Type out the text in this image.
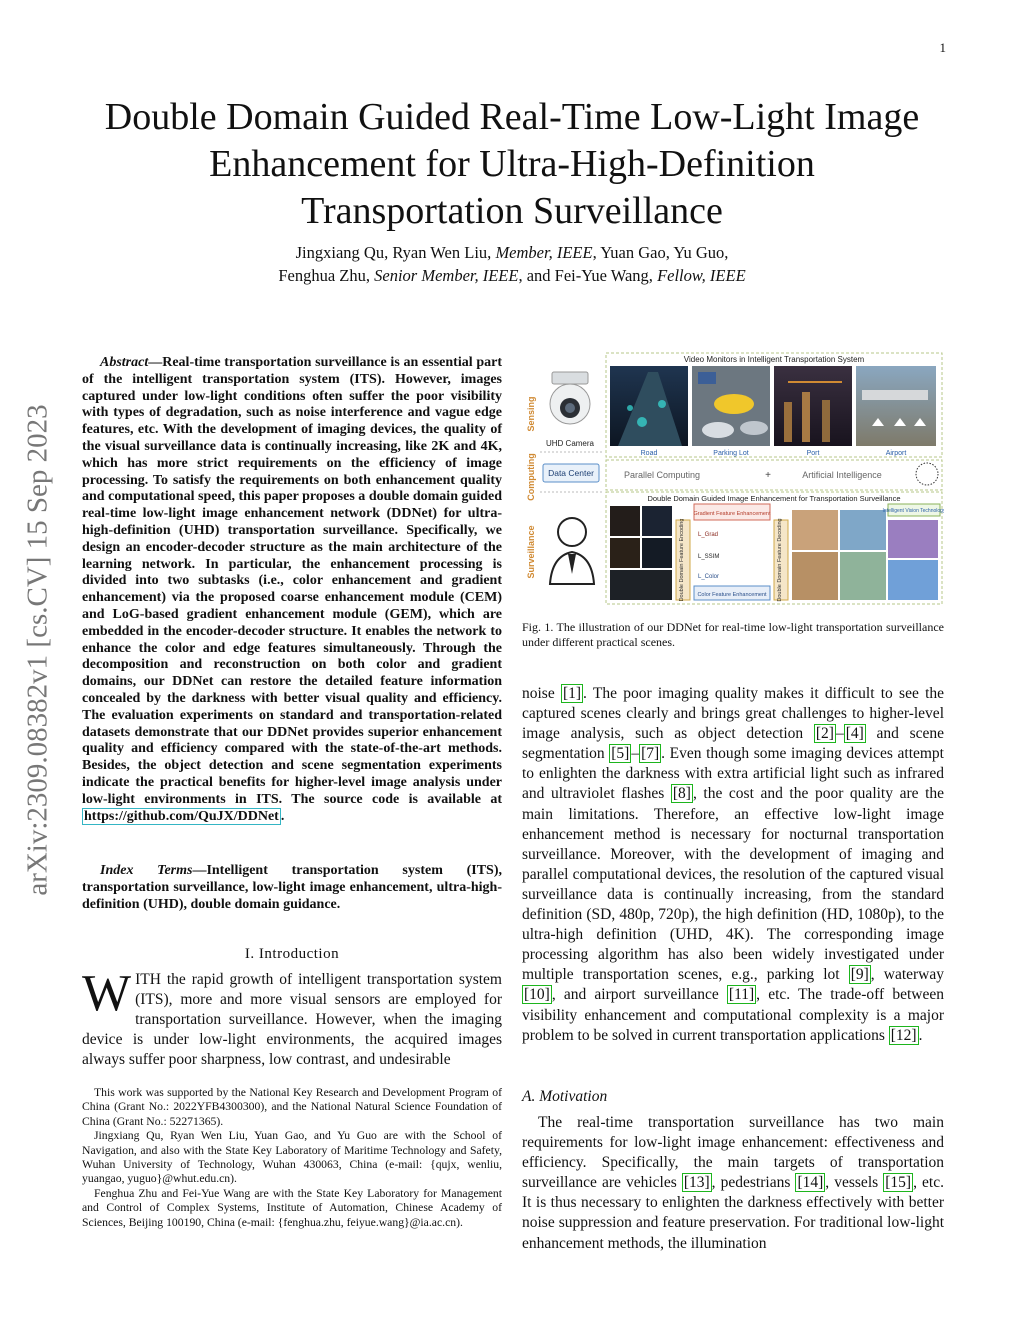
1
Double Domain Guided Real-Time Low-Light Image Enhancement for Ultra-High-Definition Transportation Surveillance
Jingxiang Qu, Ryan Wen Liu, Member, IEEE, Yuan Gao, Yu Guo,
Fenghua Zhu, Senior Member, IEEE, and Fei-Yue Wang, Fellow, IEEE
arXiv:2309.08382v1 [cs.CV] 15 Sep 2023
Abstract—Real-time transportation surveillance is an essential part of the intelligent transportation system (ITS). However, images captured under low-light conditions often suffer the poor visibility with types of degradation, such as noise interference and vague edge features, etc. With the development of imaging devices, the quality of the visual surveillance data is continually increasing, like 2K and 4K, which has more strict requirements on the efficiency of image processing. To satisfy the requirements on both enhancement quality and computational speed, this paper proposes a double domain guided real-time low-light image enhancement network (DDNet) for ultra-high-definition (UHD) transportation surveillance. Specifically, we design an encoder-decoder structure as the main architecture of the learning network. In particular, the enhancement processing is divided into two subtasks (i.e., color enhancement and gradient enhancement) via the proposed coarse enhancement module (CEM) and LoG-based gradient enhancement module (GEM), which are embedded in the encoder-decoder structure. It enables the network to enhance the color and edge features simultaneously. Through the decomposition and reconstruction on both color and gradient domains, our DDNet can restore the detailed feature information concealed by the darkness with better visual quality and efficiency. The evaluation experiments on standard and transportation-related datasets demonstrate that our DDNet provides superior enhancement quality and efficiency compared with the state-of-the-art methods. Besides, the object detection and scene segmentation experiments indicate the practical benefits for higher-level image analysis under low-light environments in ITS. The source code is available at https://github.com/QuJX/DDNet .
Index Terms—Intelligent transportation system (ITS), transportation surveillance, low-light image enhancement, ultra-high-definition (UHD), double domain guidance.
I. Introduction
WITH the rapid growth of intelligent transportation system (ITS), more and more visual sensors are employed for transportation surveillance. However, when the imaging device is under low-light environments, the acquired images always suffer poor sharpness, low contrast, and undesirable
This work was supported by the National Key Research and Development Program of China (Grant No.: 2022YFB4300300), and the National Natural Science Foundation of China (Grant No.: 52271365).
Jingxiang Qu, Ryan Wen Liu, Yuan Gao, and Yu Guo are with the School of Navigation, and also with the State Key Laboratory of Maritime Technology and Safety, Wuhan University of Technology, Wuhan 430063, China (e-mail: {qujx, wenliu, yuangao, yuguo}@whut.edu.cn).
Fenghua Zhu and Fei-Yue Wang are with the State Key Laboratory for Management and Control of Complex Systems, Institute of Automation, Chinese Academy of Sciences, Beijing 100190, China (e-mail: {fenghua.zhu, feiyue.wang}@ia.ac.cn).
Sensing
Computing
Surveillance
UHD Camera
Data Center
Video Monitors in Intelligent Transportation System
Road	Parking Lot	Port	Airport
Parallel Computing	+	Artificial Intelligence
Double Domain Guided Image Enhancement for Transportation Surveillance
Double Domain Feature Encoding
Gradient Feature Enhancement
L_Grad
L_SSIM
L_Color
Color Feature Enhancement Double Domain Feature Decoding
Intelligent Vision Technology
Fig. 1. The illustration of our DDNet for real-time low-light transportation surveillance under different practical scenes.
noise [1] . The poor imaging quality makes it difficult to see the captured scenes clearly and brings great challenges to higher-level image analysis, such as object detection [2] – [4] and scene segmentation [5] – [7] . Even though some imaging devices attempt to enlighten the darkness with extra artificial light such as infrared and ultraviolet flashes [8] , the cost and the poor quality are the main limitations. Therefore, an effective low-light image enhancement method is necessary for nocturnal transportation surveillance. Moreover, with the development of imaging and parallel computational devices, the resolution of the captured visual surveillance data is continually increasing, from the standard definition (SD, 480p, 720p), the high definition (HD, 1080p), to the ultra-high definition (UHD, 4K). The corresponding image processing algorithm has also been widely investigated under multiple transportation scenes, e.g., parking lot [9] , waterway [10] , and airport surveillance [11] , etc. The trade-off between visibility enhancement and computational complexity is a major problem to be solved in current transportation applications [12] .
A. Motivation
The real-time transportation surveillance has two main requirements for low-light image enhancement: effectiveness and efficiency. Specifically, the main targets of transportation surveillance are vehicles [13] , pedestrians [14] , vessels [15] , etc. It is thus necessary to enlighten the darkness effectively with better noise suppression and feature preservation. For traditional low-light enhancement methods, the illumination
